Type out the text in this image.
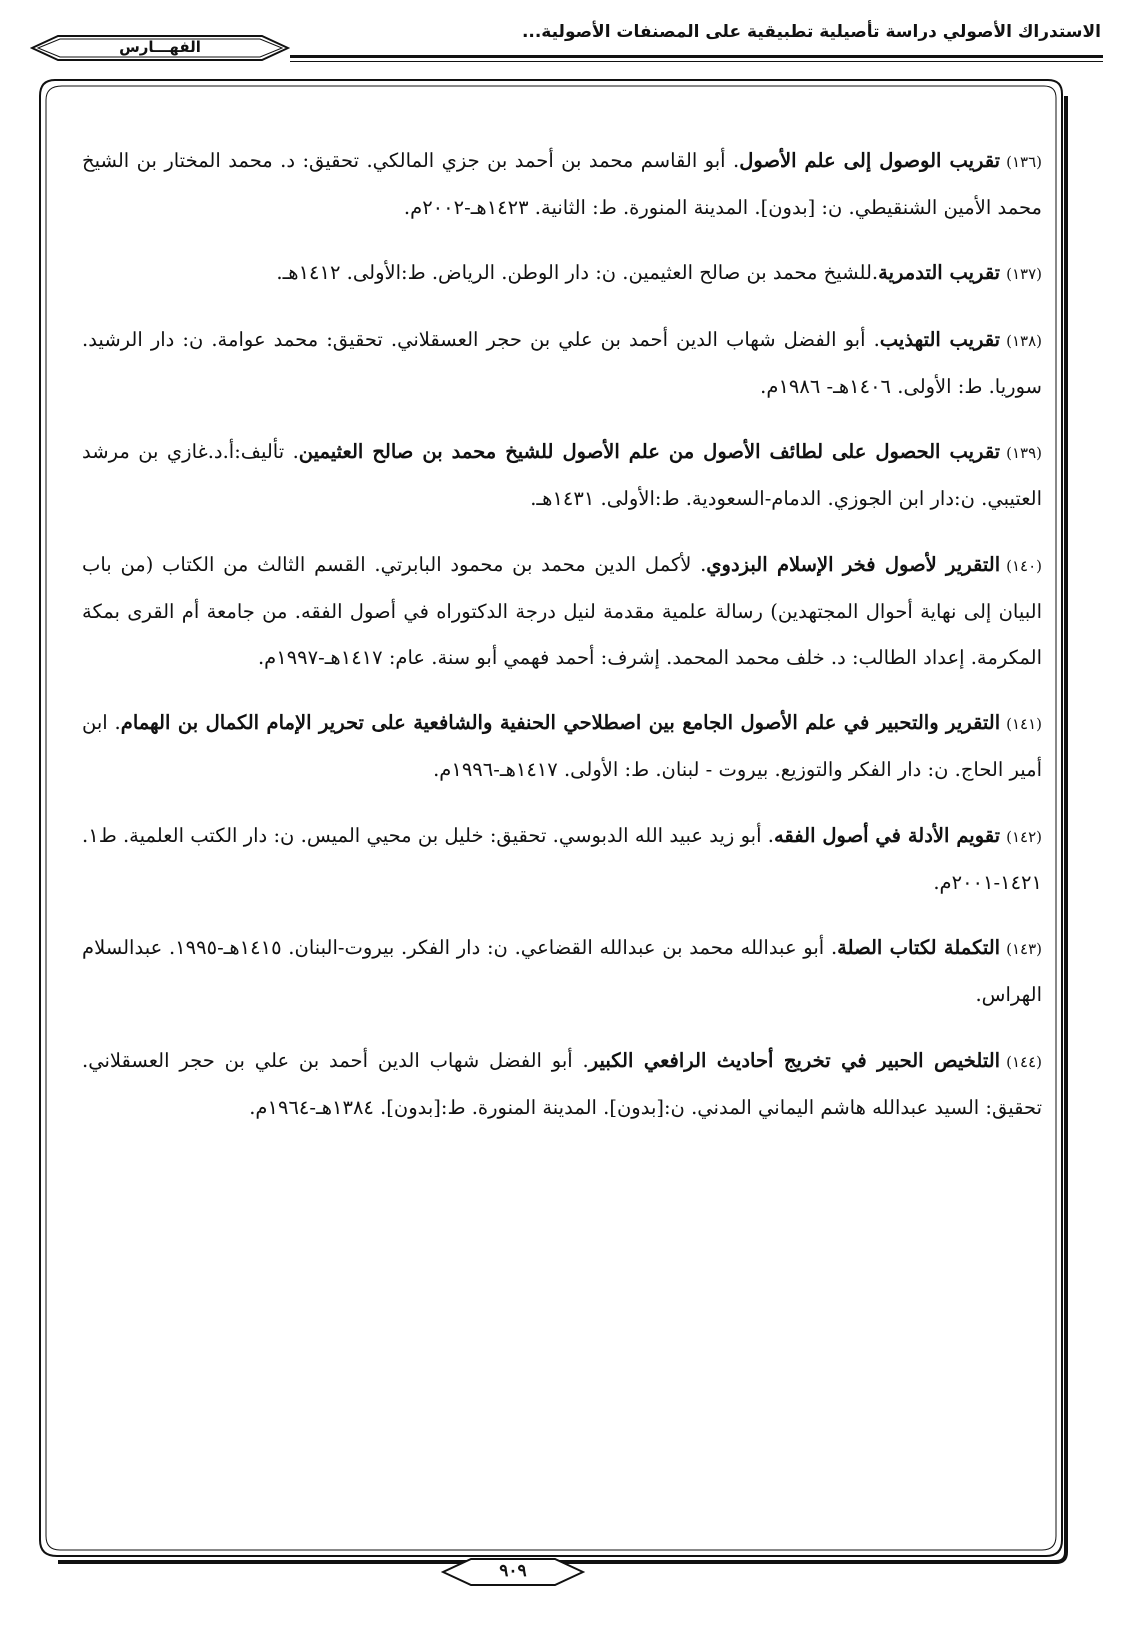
الاستدراك الأصولي دراسة تأصيلية تطبيقية على المصنفات الأصولية...
الفهـــارس

(١٣٦)تقريب الوصول إلى علم الأصول. أبو القاسم محمد بن أحمد بن جزي المالكي. تحقيق: د. محمد المختار بن الشيخ محمد الأمين الشنقيطي. ن: [بدون]. المدينة المنورة. ط: الثانية. ١٤٢٣هـ-٢٠٠٢م.

(١٣٧)تقريب التدمرية.للشيخ محمد بن صالح العثيمين. ن: دار الوطن. الرياض. ط:الأولى. ١٤١٢هـ.

(١٣٨)تقريب التهذيب. أبو الفضل شهاب الدين أحمد بن علي بن حجر العسقلاني. تحقيق: محمد عوامة. ن: دار الرشيد. سوريا. ط: الأولى. ١٤٠٦هـ- ١٩٨٦م.

(١٣٩)تقريب الحصول على لطائف الأصول من علم الأصول للشيخ محمد بن صالح العثيمين. تأليف:أ.د.غازي بن مرشد العتيبي. ن:دار ابن الجوزي. الدمام-السعودية. ط:الأولى. ١٤٣١هـ.

(١٤٠)التقرير لأصول فخر الإسلام البزدوي. لأكمل الدين محمد بن محمود البابرتي. القسم الثالث من الكتاب (من باب البيان إلى نهاية أحوال المجتهدين) رسالة علمية مقدمة لنيل درجة الدكتوراه في أصول الفقه. من جامعة أم القرى بمكة المكرمة. إعداد الطالب: د. خلف محمد المحمد. إشرف: أحمد فهمي أبو سنة. عام: ١٤١٧هـ-١٩٩٧م.

(١٤١)التقرير والتحبير في علم الأصول الجامع بين اصطلاحي الحنفية والشافعية على تحرير الإمام الكمال بن الهمام. ابن أمير الحاج. ن: دار الفكر والتوزيع. بيروت - لبنان. ط: الأولى. ١٤١٧هـ-١٩٩٦م.

(١٤٢)تقويم الأدلة في أصول الفقه. أبو زيد عبيد الله الدبوسي. تحقيق: خليل بن محيي الميس. ن: دار الكتب العلمية. ط١. ١٤٢١-٢٠٠١م.

(١٤٣)التكملة لكتاب الصلة. أبو عبدالله محمد بن عبدالله القضاعي. ن: دار الفكر. بيروت-البنان. ١٤١٥هـ-١٩٩٥. عبدالسلام الهراس.

(١٤٤)التلخيص الحبير في تخريج أحاديث الرافعي الكبير. أبو الفضل شهاب الدين أحمد بن علي بن حجر العسقلاني. تحقيق: السيد عبدالله هاشم اليماني المدني. ن:[بدون]. المدينة المنورة. ط:[بدون]. ١٣٨٤هـ-١٩٦٤م.

٩٠٩
